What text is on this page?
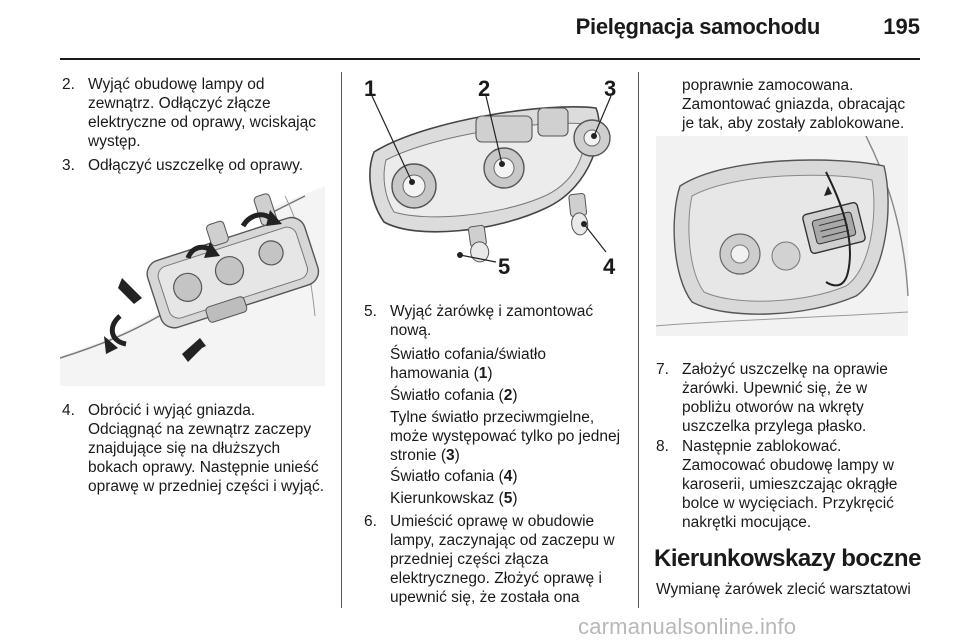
Pielęgnacja samochodu	195
2. Wyjąć obudowę lampy od
zewnątrz. Odłączyć złącze
elektryczne od oprawy, wciskając
występ.
3. Odłączyć uszczelkę od oprawy.
4. Obrócić i wyjąć gniazda.
Odciągnąć na zewnątrz zaczepy
znajdujące się na dłuższych
bokach oprawy. Następnie unieść
oprawę w przedniej części i wyjąć.
1	2	3
4
5
5. Wyjąć żarówkę i zamontować
nową.
Światło cofania/światło
hamowania (1)
Światło cofania (2)
Tylne światło przeciwmgielne,
może występować tylko po jednej
stronie (3)
Światło cofania (4)
Kierunkowskaz (5)
6. Umieścić oprawę w obudowie
lampy, zaczynając od zaczepu w
przedniej części złącza
elektrycznego. Złożyć oprawę i
upewnić się, że została ona
poprawnie zamocowana.
Zamontować gniazda, obracając
je tak, aby zostały zablokowane.
7. Założyć uszczelkę na oprawie
żarówki. Upewnić się, że w
pobliżu otworów na wkręty
uszczelka przylega płasko.
8. Następnie zablokować.
Zamocować obudowę lampy w
karoserii, umieszczając okrągłe
bolce w wycięciach. Przykręcić
nakrętki mocujące.
Kierunkowskazy boczne
Wymianę żarówek zlecić warsztatowi
carmanualsonline.info
